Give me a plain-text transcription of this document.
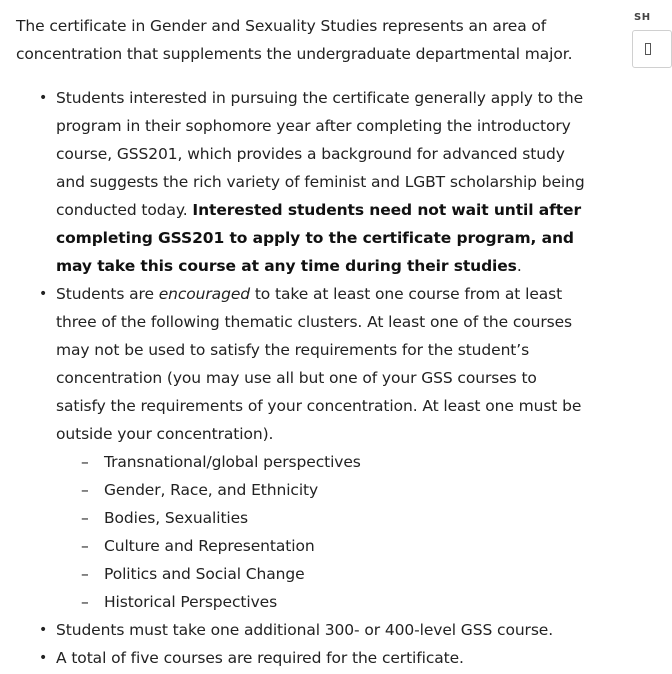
The certificate in Gender and Sexuality Studies represents an area of concentration that supplements the undergraduate departmental major.

• Students interested in pursuing the certificate generally apply to the program in their sophomore year after completing the introductory course, GSS201, which provides a background for advanced study and suggests the rich variety of feminist and LGBT scholarship being conducted today. Interested students need not wait until after completing GSS201 to apply to the certificate program, and may take this course at any time during their studies.
• Students are encouraged to take at least one course from at least three of the following thematic clusters. At least one of the courses may not be used to satisfy the requirements for the student’s concentration (you may use all but one of your GSS courses to satisfy the requirements of your concentration. At least one must be outside your concentration).
– Transnational/global perspectives
– Gender, Race, and Ethnicity
– Bodies, Sexualities
– Culture and Representation
– Politics and Social Change
– Historical Perspectives
• Students must take one additional 300- or 400-level GSS course.
• A total of five courses are required for the certificate.
SH
